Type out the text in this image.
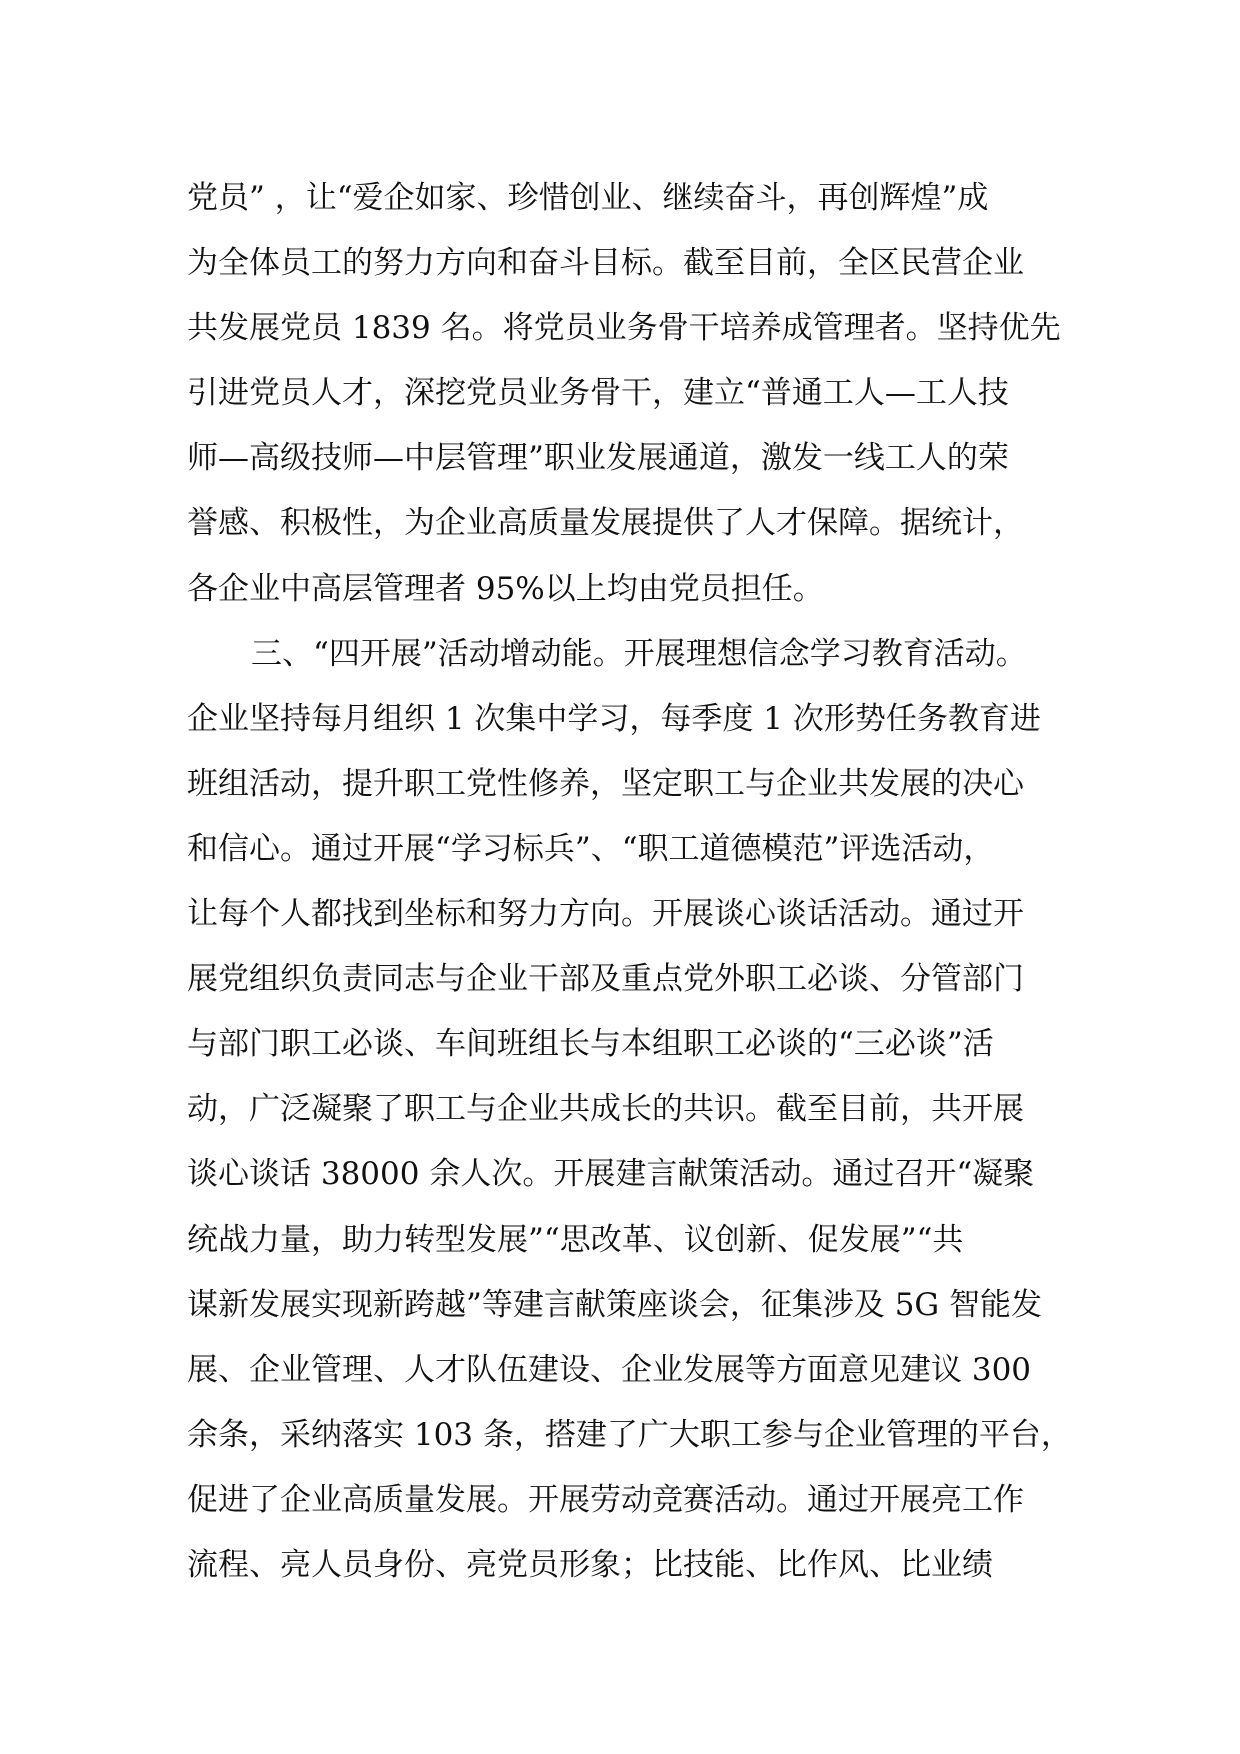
党员” ，让“爱企如家、珍惜创业、继续奋斗，再创辉煌”成
为全体员工的努力方向和奋斗目标。截至目前，全区民营企业
共发展党员 1839 名。将党员业务骨干培养成管理者。坚持优先
引进党员人才，深挖党员业务骨干，建立“普通工人—工人技
师—高级技师—中层管理”职业发展通道，激发一线工人的荣
誉感、积极性，为企业高质量发展提供了人才保障。据统计，
各企业中高层管理者 95%以上均由党员担任。
三、“四开展”活动增动能。开展理想信念学习教育活动。
企业坚持每月组织 1 次集中学习，每季度 1 次形势任务教育进
班组活动，提升职工党性修养，坚定职工与企业共发展的决心
和信心。通过开展“学习标兵”、“职工道德模范”评选活动，
让每个人都找到坐标和努力方向。开展谈心谈话活动。通过开
展党组织负责同志与企业干部及重点党外职工必谈、分管部门
与部门职工必谈、车间班组长与本组职工必谈的“三必谈”活
动，广泛凝聚了职工与企业共成长的共识。截至目前，共开展
谈心谈话 38000 余人次。开展建言献策活动。通过召开“凝聚
统战力量，助力转型发展”“思改革、议创新、促发展”“共
谋新发展实现新跨越”等建言献策座谈会，征集涉及 5G 智能发
展、企业管理、人才队伍建设、企业发展等方面意见建议 300
余条，采纳落实 103 条，搭建了广大职工参与企业管理的平台，
促进了企业高质量发展。开展劳动竞赛活动。通过开展亮工作
流程、亮人员身份、亮党员形象；比技能、比作风、比业绩
